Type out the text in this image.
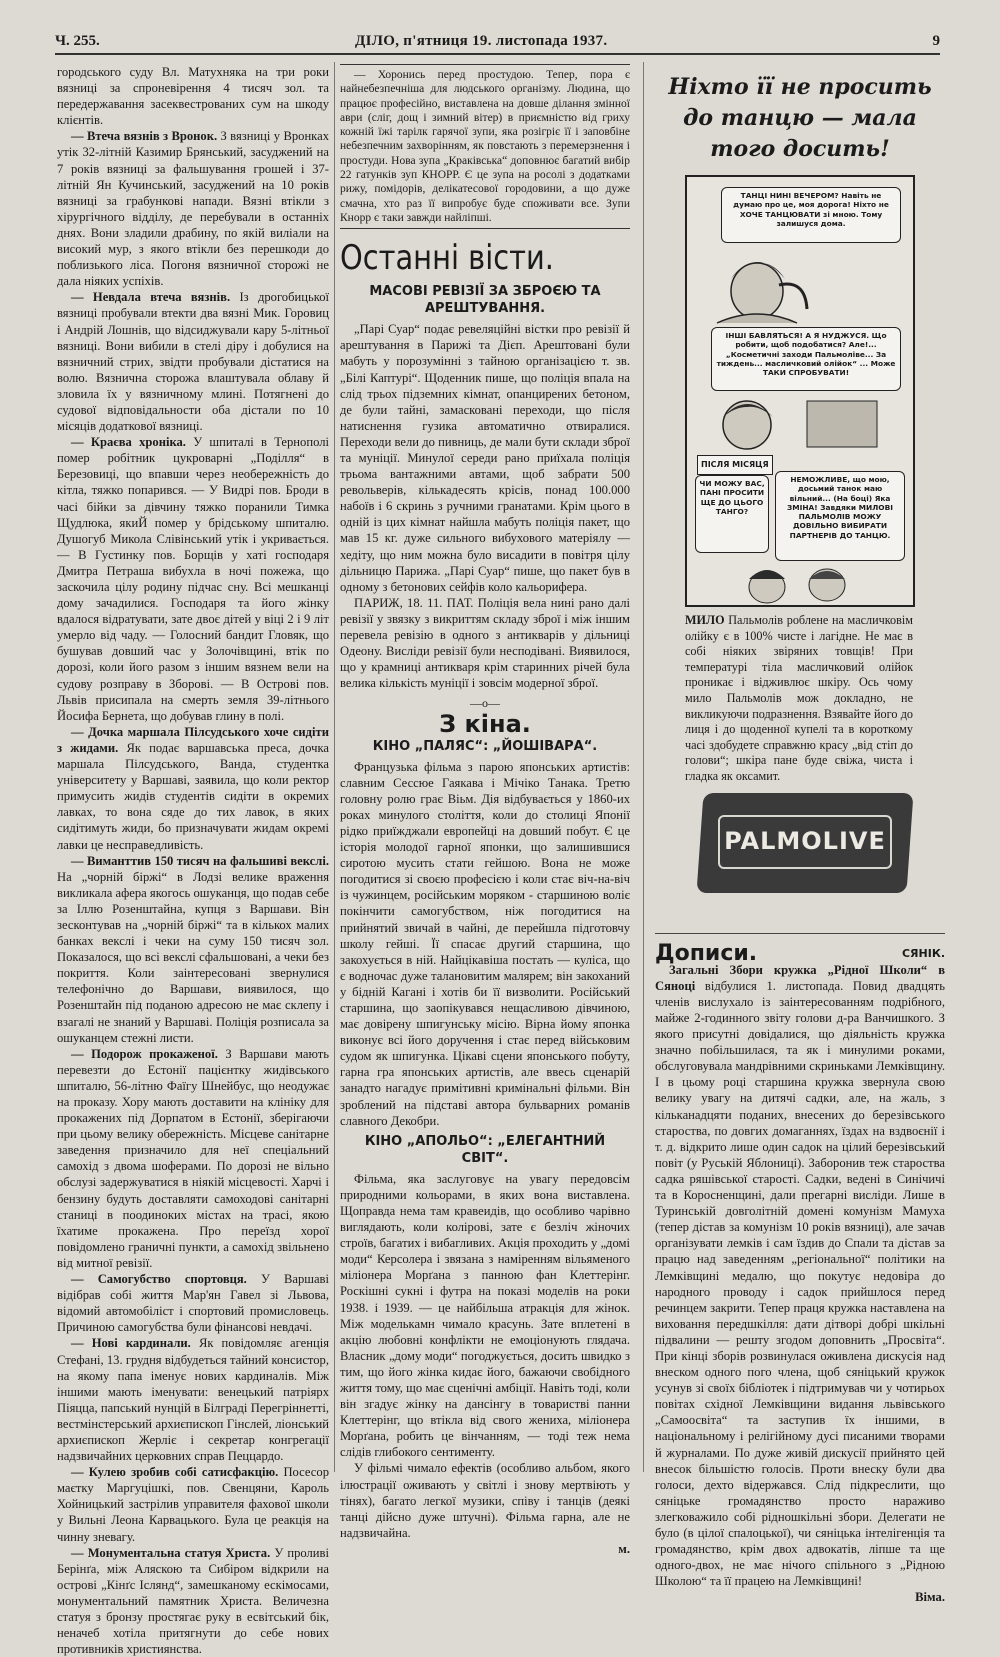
Ч. 255.	ДІЛО, п'ятниця 19. листопада 1937.	9

городського суду Вл. Матухняка на три роки вязниці за спроневірення 4 тисяч зол. та передержавання засеквестрованих сум на шкоду клієнтів.

— Втеча вязнів з Вронок. З вязниці у Вронках утік 32-літній Казимир Брянський, засуджений на 7 років вязниці за фальшування грошей і 37-літній Ян Кучинський, засуджений на 10 років вязниці за грабункові напади. Вязні втікли з хірургічного відділу, де перебували в останніх днях. Вони зладили драбину, по якій виліали на високий мур, з якого втікли без перешкоди до поблизького ліса. Погоня вязничної сторожі не дала ніяких успіхів.

— Невдала втеча вязнів. Із дрогобицької вязниці пробували втекти два вязні Мик. Горовиц і Андрій Лошнів, що відсиджували кару 5-літньої вязниці. Вони вибили в стелі діру і добулися на вязничний стрих, звідти пробували дістатися на волю. Вязнична сторожа влаштувала облаву й зловила їх у вязничному млині. Потягнені до судової відповідальности оба дістали по 10 місяців додаткової вязниці.

— Краєва хроніка. У шпиталі в Тернополі помер робітник цукроварні „Поділля“ в Березовиці, що впавши через необережність до кітла, тяжко попарився. — У Видрі пов. Броди в часі бійки за дівчину тяжко поранили Тимка Щудлюка, якиЙ помер у брідському шпиталю. Душогуб Микола Слівінський утік і укривається. — В Густинку пов. Борщів у хаті господаря Дмитра Петраша вибухла в ночі пожежа, що заскочила цілу родину підчас сну. Всі мешканці дому зачадилися. Господаря та його жінку вдалося відратувати, зате двоє дітей у віці 2 і 9 літ умерло від чаду. — Голосний бандит Гловяк, що бушував довший час у Золочівщині, втік по дорозі, коли його разом з іншим вязнем вели на судову розправу в Зборові. — В Острові пов. Львів присипала на смерть земля 39-літнього Йосифа Бернета, що добував глину в полі.

— Дочка маршала Пілсудського хоче сидіти з жидами. Як подає варшавська преса, дочка маршала Пілсудського, Ванда, студентка університету у Варшаві, заявила, що коли ректор примусить жидів студентів сидіти в окремих лавках, то вона сяде до тих лавок, в яких сидітимуть жиди, бо призначувати жидам окремі лавки це несправедливість.

— Виманттив 150 тисяч на фальшиві векслі. На „чорній біржі“ в Лодзі велике враження викликала афера якогось ошуканця, що подав себе за Іллю Розенштайна, купця з Варшави. Він зесконтував на „чорній біржі“ та в кількох малих банках векслі і чеки на суму 150 тисяч зол. Показалося, що всі векслі сфальшовані, а чеки без покриття. Коли заінтересовані звернулися телефонічно до Варшави, виявилося, що Розенштайн під поданою адресою не має склепу і взагалі не знаний у Варшаві. Поліція розписала за ошуканцем стежні листи.

— Подорож прокаженої. З Варшави мають перевезти до Естонії пацієнтку жидівського шпиталю, 56-літню Фаїгу Шнейбус, що неодужає на проказу. Хору мають доставити на клініку для прокажених під Дорпатом в Естонії, зберігаючи при цьому велику обережність. Місцеве санітарне заведення призначило для неї спеціальний самохід з двома шоферами. По дорозі не вільно обслузі задержуватися в ніякій місцевості. Харчі і бензину будуть доставляти самоходові санітарні станиці в поодиноких містах на трасі, якою їхатиме прокажена. Про переїзд хорої повідомлено граничні пункти, а самохід звільнено від митної ревізії.

— Самогубство спортовця. У Варшаві відібрав собі життя Мар'ян Гавел зі Львова, відомий автомобіліст і спортовий промисловець. Причиною самогубства були фінансові невдачі.

— Нові кардинали. Як повідомляє агенція Стефані, 13. грудня відбудеться тайний консистор, на якому папа іменує нових кардиналів. Між іншими мають іменувати: венецький патріярх Піяцца, папський нунцій в Білграді Перегріннетті, вестмінстерський архиєпископ Гінслей, ліонський архиєпископ Жерліє і секретар конгрегації надзвичайних церковних справ Пеццардо.

— Кулею зробив собі сатисфакцію. Посесор маєтку Маргуцішкі, пов. Свенцяни, Кароль Хойницький застрілив управителя фахової школи у Вильні Леона Карвацького. Була це реакція на чинну зневагу.

— Монументальна статуя Христа. У проливі Берінґа, між Аляскою та Сибіром відкрили на острові „Кінґс Іслянд“, замешканому ескімосами, монументальний памятник Христа. Величезна статуя з бронзу простягає руку в есвітський бік, неначеб хотіла притягнути до себе нових противників християнства.

— Хоронись перед простудою. Тепер, пора є найнебезпечніша для людського організму. Людина, що працює професійно, виставлена на довше ділання змінної аври (сліг, дощ і зимний вітер) в приємністю від гриху кожній їжі тарілк гарячої зупи, яка розігріє її і заповбіне небезпечним захворінням, як повстають з перемерзнення і простуди. Нова зупа „Краківська“ доповнює багатий вибір 22 гатунків зуп КНОРР. Є це зупа на росолі з додатками рижу, помідорів, делікатесової городовини, а що дуже смачна, хто раз її випробує буде споживати все. Зупи Кнорр є таки завжди найліпші.

Останні вісти.
МАСОВІ РЕВІЗІЇ ЗА ЗБРОЄЮ ТА АРЕШТУВАННЯ.

„Парі Суар“ подає ревеляційні вістки про ревізії й арештування в Парижі та Дієп. Арештовані були мабуть у порозумінні з тайною організацією т. зв. „Білі Каптурі“. Щоденник пише, що поліція впала на слід трьох підземних кімнат, опанцирених бетоном, де були тайні, замасковані переходи, що після натиснення гузика автоматично отвиралися. Переходи вели до пивниць, де мали бути склади зброї та муніції. Минулої середи рано приїхала поліція трьома вантажними автами, щоб забрати 500 револьверів, кількадесять крісів, понад 100.000 набоїв і 6 скринь з ручними гранатами. Крім цього в одній із цих кімнат найшла мабуть поліція пакет, що мав 15 кг. дуже сильного вибухового матеріялу — хедіту, що ним можна було висадити в повітря цілу дільницю Парижа. „Парі Суар“ пише, що пакет був в одному з бетонових сейфів коло кальорифера.

ПАРИЖ, 18. 11. ПАТ. Поліція вела нині рано далі ревізії у звязку з викриттям складу зброї і між іншим перевела ревізію в одного з антикварів у дільниці Одеону. Висліди ревізії були несподівані. Виявилося, що у крамниці антикваря крім старинних річей була велика кількість муніції і зовсім модерної зброї.

—o—
З кіна.
КІНО „ПАЛЯС“: „ЙОШІВАРА“.

Французька фільма з парою японських артистів: славним Сессюе Гаякава і Мічіко Танака. Третю головну ролю грає Віьм. Дія відбувається у 1860-их роках минулого століття, коли до столиці Японії рідко приїжджали европейці на довший побут. Є це історія молодої гарної японки, що залишившися сиротою мусить стати гейшою. Вона не може погодитися зі своєю професією і коли стає віч-на-віч із чужинцем, російським моряком - старшиною воліє покінчити самогубством, ніж погодитися на прийнятий звичай в чайні, де перейшла підготовчу школу гейші. Її спасає другий старшина, що закохується в ній. Найцікавіша постать — куліса, що є водночас дуже талановитим малярем; він закоханий у бідній Кагані і хотів би її визволити. Російський старшина, що заопікувався нещасливою дівчиною, має довірену шпигунську місію. Вірна йому японка виконує всі його доручення і стає перед військовим судом як шпигунка. Цікаві сцени японського побуту, гарна гра японських артистів, але ввесь сценарій занадто нагадує примітивні кримінальні фільми. Він зроблений на підставі автора бульварних романів славного Декобри.

КІНО „АПОЛЬО“: „ЕЛЕГАНТНИЙ СВІТ“.

Фільма, яка заслуговує на увагу передовсім природними кольорами, в яких вона виставлена. Щоправда нема там кравеидів, що особливо чарівно виглядають, коли колірові, зате є безліч жіночих строїв, багатих і вибагливих. Акція проходить у „домі моди“ Керсолера і звязана з наміренням вільяменого міліонера Морґана з панною фан Клеттерінг. Роскішні сукні і футра на показі моделів на роки 1938. і 1939. — це найбільша атракція для жінок. Між моделькамн чимало красунь. Зате вплетені в акцію любовні конфлікти не емоціонують глядача. Власник „дому моди“ погоджується, досить швидко з тим, що його жінка кидає його, бажаючи свобідного життя тому, що має сценічні амбіції. Навіть тоді, коли він згадує жінку на дансінгу в товаристві панни Клеттерінг, що втікла від свого жениха, міліонера Морґана, робить це вінчанням, — тоді теж нема слідів глибокого сентименту.

У фільмі чимало ефектів (особливо альбом, якого ілюстрації оживають у світлі і знову мертвіють у тінях), багато легкої музики, співу і танців (деякі танці дійсно дуже штучні). Фільма гарна, але не надзвичайна.

м.
Ніхто її не просить до танцю — мала того досить!
ТАНЦІ НИНІ ВЕЧЕРОМ? Навіть не думаю про це, моя дорога! Ніхто не ХОЧЕ ТАНЦЮВАТИ зі мною. Тому залишуся дома.
ІНШІ БАВЛЯТЬСЯ! А Я НУДЖУСЯ. Що робити, щоб подобатися? Але!... „Косметичні заходи Пальмоліве... За тиждень... масличковий олійок“ ... Може ТАКИ СПРОБУВАТИ!
ПІСЛЯ МІСЯЦЯ
ЧИ МОЖУ ВАС, ПАНІ ПРОСИТИ ЩЕ ДО ЦЬОГО ТАНГО?
НЕМОЖЛИВЕ, що мою, досьмий танок маю вільний... (На боці) Яка ЗМІНА! Завдяки МИЛОВІ ПАЛЬМОЛІВ МОЖУ ДОВІЛЬНО ВИБИРАТИ ПАРТНЕРІВ ДО ТАНЦЮ.

МИЛО Пальмолів роблене на масличковім олійку є в 100% чисте і лагідне. Не має в собі ніяких звіряних товщів! При температурі тіла масличковий олійок проникає і відживлює шкіру. Ось чому мило Пальмолів мож докладно, не викликуючи подразнення. Взявайте його до лиця і до щоденної купелі та в короткому часі здобудете справжню красу „від стіп до голови“; шкіра пане буде свіжа, чиста і гладка як оксамит.

PALMOLIVE
Дописи.	СЯНІК.

Загальні Збори кружка „Рідної Школи“ в Сяноці відбулися 1. листопада. Повид двадцять членів вислухало із заінтересованням подрібного, майже 2-годинного звіту голови д-ра Ванчишкого. З якого присутні довідалися, що діяльність кружка значно побільшилася, та як і минулими роками, обслуговувала мандрівними скриньками Лемківщину. І в цьому році старшина кружка звернула свою велику увагу на дитячі садки, але, на жаль, з кільканадцяти поданих, внесених до березівського староства, по довгих домаганнях, їздах на вздвоєнії і т. д. відкрито лише один садок на цілий березівський повіт (у Руській Яблониці). Заборонив теж староства садка ряшівської старості. Садки, ведені в Синічичі та в Коросненщині, дали прегарні висліди. Лише в Туринській довголітній домені комунізм Мамуха (тепер дістав за комунізм 10 років вязниці), але зачав організувати лемків і сам їздив до Спали та дістав за працю над заведенням „регіональної“ політики на Лемківщині медалю, що покутує недовіра до народного проводу і садок прийшлося перед речинцем закрити. Тепер праця кружка наставлена на виховання передшкілля: дати дітворі добрі шкільні підвалини — решту згодом доповнить „Просвіта“. При кінці зборів розвинулася оживлена дискусія над внеском одного пого члена, щоб сяніцький кружок усунув зі своїх бібліотек і підтримував чи у чотирьох повітах східної Лемківщини видання львівського „Самоосвіта“ та заступив їх іншими, в національному і релігійному дусі писаними творами й журналами. По дуже живій дискусії прийнято цей внесок більшістю голосів. Проти внеску були два голоси, дехто відержався. Слід підкреслити, що сяніцьке громадянство просто нараживо злегковажило собі рідношкільні збори. Делегати не було (в цілої спалоцької), чи сяніцька інтелігенція та громадянство, крім двох адвокатів, ліпше та ще одного-двох, не має нічого спільного з „Рідною Школою“ та її працею на Лемківщині!

Віма.
